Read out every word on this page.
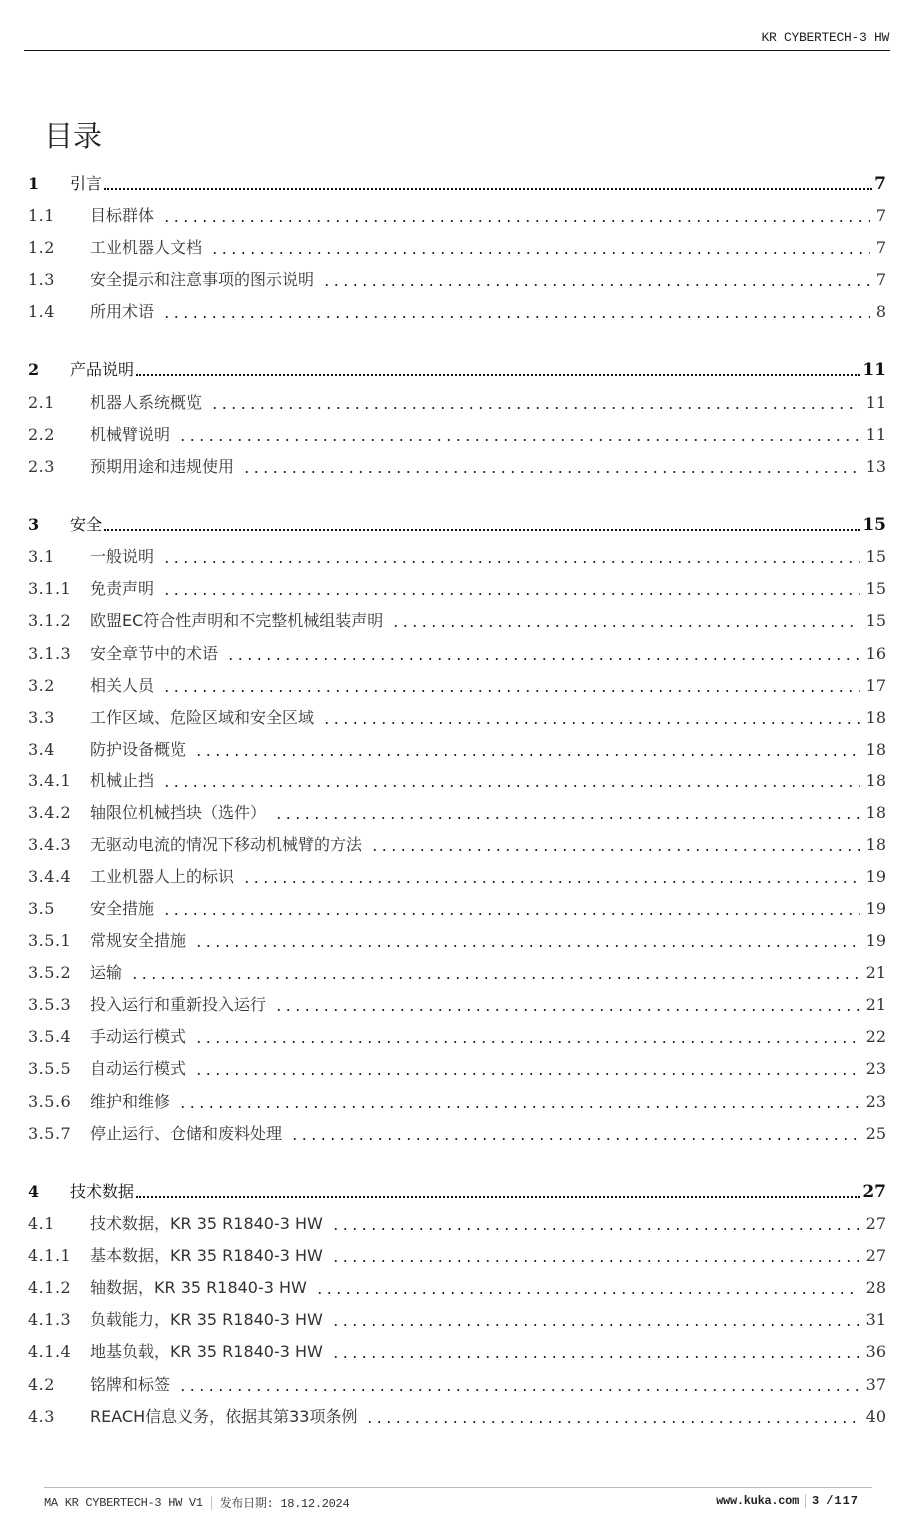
KR CYBERTECH-3 HW
目录
1	引言	7
1.1	目标群体	7
1.2	工业机器人文档	7
1.3	安全提示和注意事项的图示说明	7
1.4	所用术语	8
2	产品说明	11
2.1	机器人系统概览	11
2.2	机械臂说明	11
2.3	预期用途和违规使用	13
3	安全	15
3.1	一般说明	15
3.1.1	免责声明	15
3.1.2	欧盟EC符合性声明和不完整机械组装声明	15
3.1.3	安全章节中的术语	16
3.2	相关人员	17
3.3	工作区域、危险区域和安全区域	18
3.4	防护设备概览	18
3.4.1	机械止挡	18
3.4.2	轴限位机械挡块（选件）	18
3.4.3	无驱动电流的情况下移动机械臂的方法	18
3.4.4	工业机器人上的标识	19
3.5	安全措施	19
3.5.1	常规安全措施	19
3.5.2	运输	21
3.5.3	投入运行和重新投入运行	21
3.5.4	手动运行模式	22
3.5.5	自动运行模式	23
3.5.6	维护和维修	23
3.5.7	停止运行、仓储和废料处理	25
4	技术数据	27
4.1	技术数据，KR 35 R1840-3 HW	27
4.1.1	基本数据，KR 35 R1840-3 HW	27
4.1.2	轴数据，KR 35 R1840-3 HW	28
4.1.3	负载能力，KR 35 R1840-3 HW	31
4.1.4	地基负载，KR 35 R1840-3 HW	36
4.2	铭牌和标签	37
4.3	REACH信息义务，依据其第33项条例	40
MA KR CYBERTECH-3 HW V1 发布日期: 18.12.2024	www.kuka.com 3 /117
